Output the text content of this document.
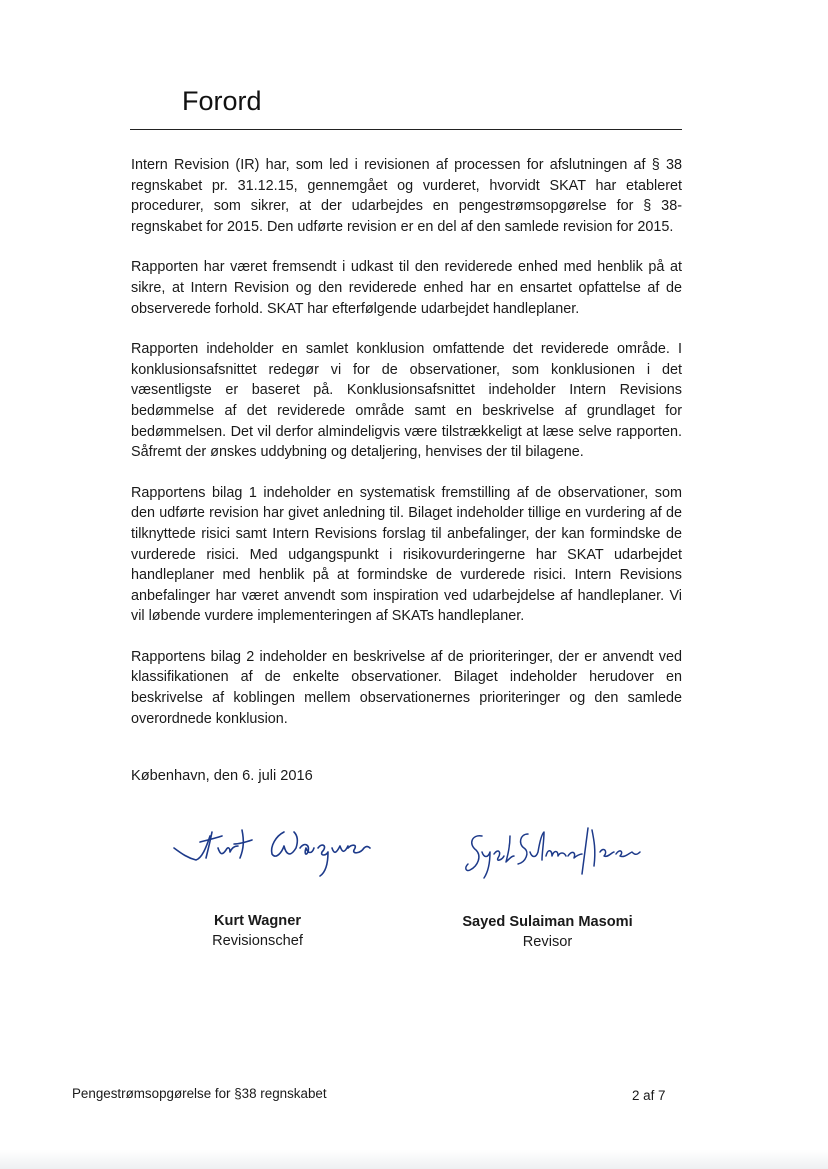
Forord

Intern Revision (IR) har, som led i revisionen af processen for afslutningen af § 38 regnskabet pr. 31.12.15, gennemgået og vurderet, hvorvidt SKAT har etableret procedurer, som sikrer, at der udarbejdes en pengestrømsopgørelse for § 38-regnskabet for 2015. Den udførte revision er en del af den samlede revision for 2015.

Rapporten har været fremsendt i udkast til den reviderede enhed med henblik på at sikre, at Intern Revision og den reviderede enhed har en ensartet opfattelse af de observerede forhold. SKAT har efterfølgende udarbejdet handleplaner.

Rapporten indeholder en samlet konklusion omfattende det reviderede område. I konklusionsafsnittet redegør vi for de observationer, som konklusionen i det væsentligste er baseret på. Konklusionsafsnittet indeholder Intern Revisions bedømmelse af det reviderede område samt en beskrivelse af grundlaget for bedømmelsen. Det vil derfor almindeligvis være tilstrækkeligt at læse selve rapporten. Såfremt der ønskes uddybning og detaljering, henvises der til bilagene.

Rapportens bilag 1 indeholder en systematisk fremstilling af de observationer, som den udførte revision har givet anledning til. Bilaget indeholder tillige en vurdering af de tilknyttede risici samt Intern Revisions forslag til anbefalinger, der kan formindske de vurderede risici. Med udgangspunkt i risikovurderingerne har SKAT udarbejdet handleplaner med henblik på at formindske de vurderede risici. Intern Revisions anbefalinger har været anvendt som inspiration ved udarbejdelse af handleplaner. Vi vil løbende vurdere implementeringen af SKATs handleplaner.

Rapportens bilag 2 indeholder en beskrivelse af de prioriteringer, der er anvendt ved klassifikationen af de enkelte observationer. Bilaget indeholder herudover en beskrivelse af koblingen mellem observationernes prioriteringer og den samlede overordnede konklusion.

København, den 6. juli 2016

Kurt Wagner
Revisionschef
Sayed Sulaiman Masomi
Revisor
Pengestrømsopgørelse for §38 regnskabet	2 af 7
